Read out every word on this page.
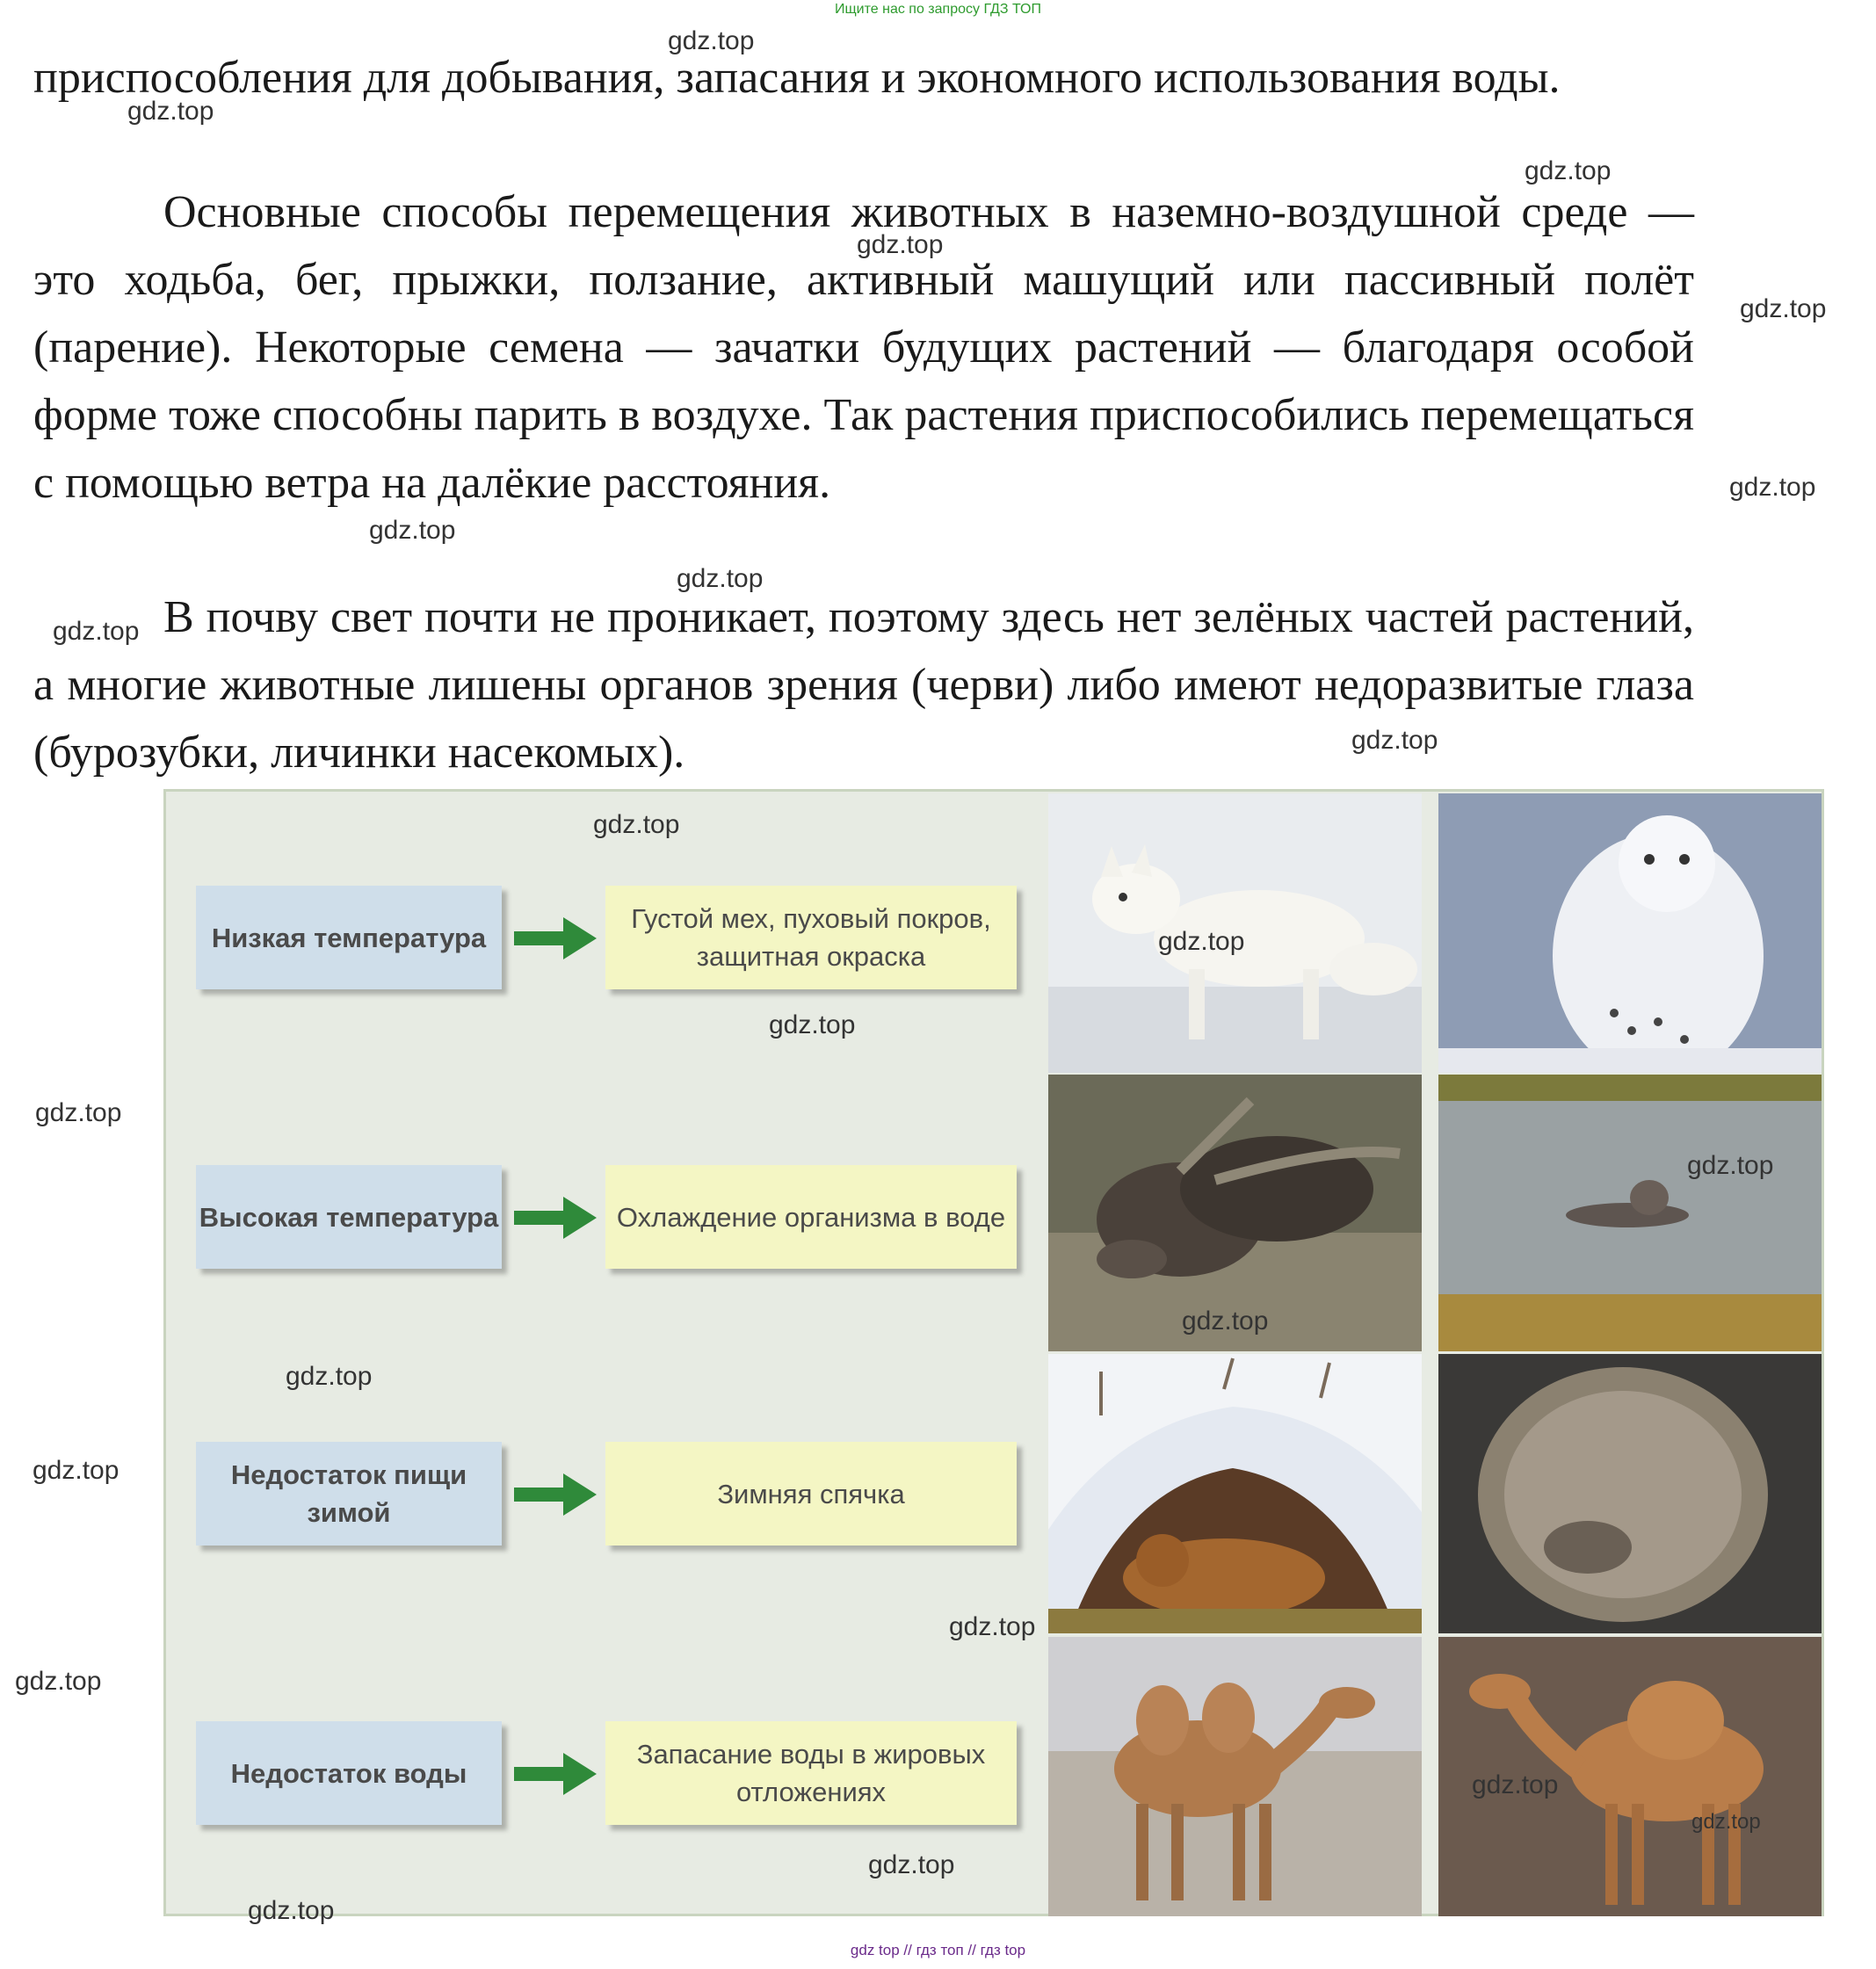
Ищите нас по запросу ГДЗ ТОП

приспособления для добывания, запасания и экономного использования воды.

Основные способы перемещения животных в наземно-воздушной среде — это ходьба, бег, прыжки, ползание, активный машущий или пассивный полёт (парение). Некоторые семена — зачатки будущих растений — благодаря особой форме тоже способны парить в воздухе. Так растения приспособились перемещаться с помощью ветра на далёкие расстояния.

В почву свет почти не проникает, поэтому здесь нет зелёных частей растений, а многие животные лишены органов зрения (черви) либо имеют недоразвитые глаза (бурозубки, личинки насекомых).

Низкая температура
Густой мех, пуховый покров, защитная окраска
Высокая температура	Охлаждение организма в воде
Недостаток пищи зимой
Зимняя спячка
Недостаток воды
Запасание воды в жировых отложениях
gdz.top
gdz.top
gdz.top
gdz.top
gdz.top
gdz.top
gdz.top
gdz.top
gdz.top
gdz.top
gdz.top
gdz.top
gdz.top
gdz.top
gdz.top
gdz.top
gdz.top
gdz.top
gdz.top
gdz.top
gdz.top
gdz.top
gdz.top
gdz.top
gdz top // гдз топ // гдз top
